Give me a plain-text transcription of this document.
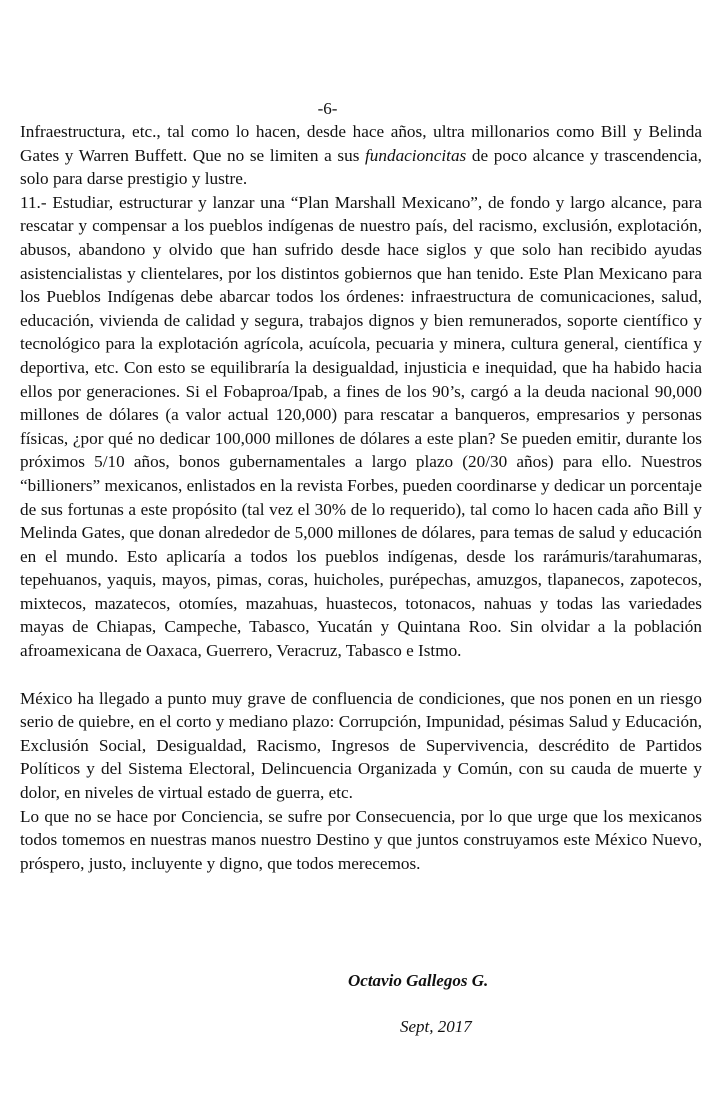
-6-

Infraestructura, etc., tal como lo hacen, desde hace años, ultra millonarios como Bill y Belinda Gates y Warren Buffett. Que no se limiten a sus fundacioncitas de poco alcance y trascendencia, solo para darse prestigio y lustre.

11.- Estudiar, estructurar y lanzar una “Plan Marshall Mexicano”, de fondo y largo alcance, para rescatar y compensar a los pueblos indígenas de nuestro país, del racismo, exclusión, explotación, abusos, abandono y olvido que han sufrido desde hace siglos y que solo han recibido ayudas asistencialistas y clientelares, por los distintos gobiernos que han tenido. Este Plan Mexicano para los Pueblos Indígenas debe abarcar todos los órdenes: infraestructura de comunicaciones, salud, educación, vivienda de calidad y segura, trabajos dignos y bien remunerados, soporte científico y tecnológico para la explotación agrícola, acuícola, pecuaria y minera, cultura general, científica y deportiva, etc. Con esto se equilibraría la desigualdad, injusticia e inequidad, que ha habido hacia ellos por generaciones. Si el Fobaproa/Ipab, a fines de los 90’s, cargó a la deuda nacional 90,000 millones de dólares (a valor actual 120,000) para rescatar a banqueros, empresarios y personas físicas, ¿por qué no dedicar 100,000 millones de dólares a este plan? Se pueden emitir, durante los próximos 5/10 años, bonos gubernamentales a largo plazo (20/30 años) para ello. Nuestros “billioners” mexicanos, enlistados en la revista Forbes, pueden coordinarse y dedicar un porcentaje de sus fortunas a este propósito (tal vez el 30% de lo requerido), tal como lo hacen cada año Bill y Melinda Gates, que donan alrededor de 5,000 millones de dólares, para temas de salud y educación en el mundo. Esto aplicaría a todos los pueblos indígenas, desde los rarámuris/tarahumaras, tepehuanos, yaquis, mayos, pimas, coras, huicholes, purépechas, amuzgos, tlapanecos, zapotecos, mixtecos, mazatecos, otomíes, mazahuas, huastecos, totonacos, nahuas y todas las variedades mayas de Chiapas, Campeche, Tabasco, Yucatán y Quintana Roo. Sin olvidar a la población afroamexicana de Oaxaca, Guerrero, Veracruz, Tabasco e Istmo.

México ha llegado a punto muy grave de confluencia de condiciones, que nos ponen en un riesgo serio de quiebre, en el corto y mediano plazo: Corrupción, Impunidad, pésimas Salud y Educación, Exclusión Social, Desigualdad, Racismo, Ingresos de Supervivencia, descrédito de Partidos Políticos y del Sistema Electoral, Delincuencia Organizada y Común, con su cauda de muerte y dolor, en niveles de virtual estado de guerra, etc.

Lo que no se hace por Conciencia, se sufre por Consecuencia, por lo que urge que los mexicanos todos tomemos en nuestras manos nuestro Destino y que juntos construyamos este México Nuevo, próspero, justo, incluyente y digno, que todos merecemos.

Octavio Gallegos G.
Sept, 2017
